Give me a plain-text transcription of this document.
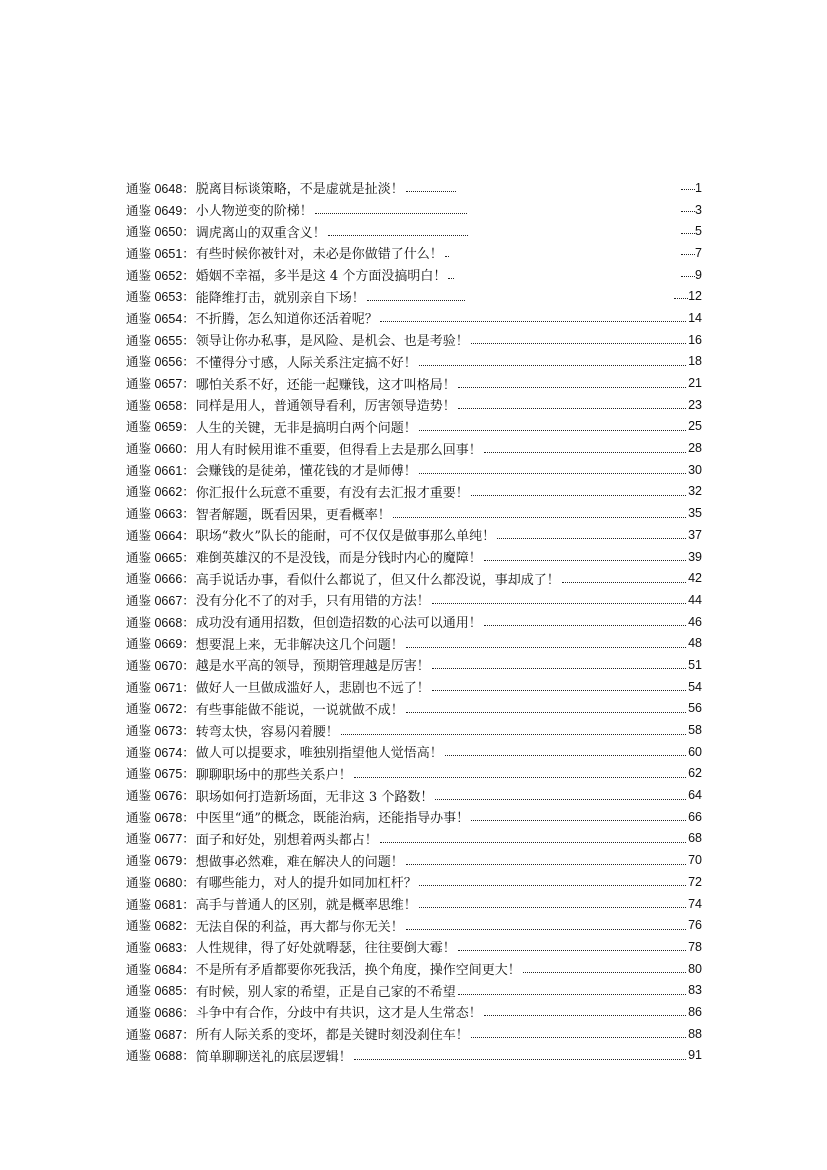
通鉴 0648： 脱离目标谈策略，不是虚就是扯淡！	1
通鉴 0649： 小人物逆变的阶梯！	3
通鉴 0650： 调虎离山的双重含义！	5
通鉴 0651： 有些时候你被针对，未必是你做错了什么！	7
通鉴 0652： 婚姻不幸福，多半是这 4 个方面没搞明白！	9
通鉴 0653： 能降维打击，就别亲自下场！	12
通鉴 0654： 不折腾，怎么知道你还活着呢？	14
通鉴 0655： 领导让你办私事，是风险、是机会、也是考验！	16
通鉴 0656： 不懂得分寸感，人际关系注定搞不好！	18
通鉴 0657： 哪怕关系不好，还能一起赚钱，这才叫格局！	21
通鉴 0658： 同样是用人，普通领导看利，厉害领导造势！	23
通鉴 0659： 人生的关键，无非是搞明白两个问题！	25
通鉴 0660： 用人有时候用谁不重要，但得看上去是那么回事！	28
通鉴 0661： 会赚钱的是徒弟，懂花钱的才是师傅！	30
通鉴 0662： 你汇报什么玩意不重要，有没有去汇报才重要！	32
通鉴 0663： 智者解题，既看因果，更看概率！	35
通鉴 0664： 职场“救火”队长的能耐，可不仅仅是做事那么单纯！	37
通鉴 0665： 难倒英雄汉的不是没钱，而是分钱时内心的魔障！	39
通鉴 0666： 高手说话办事，看似什么都说了，但又什么都没说，事却成了！	42
通鉴 0667： 没有分化不了的对手，只有用错的方法！	44
通鉴 0668： 成功没有通用招数，但创造招数的心法可以通用！	46
通鉴 0669： 想要混上来，无非解决这几个问题！	48
通鉴 0670： 越是水平高的领导，预期管理越是厉害！	51
通鉴 0671： 做好人一旦做成滥好人，悲剧也不远了！	54
通鉴 0672： 有些事能做不能说，一说就做不成！	56
通鉴 0673： 转弯太快，容易闪着腰！	58
通鉴 0674： 做人可以提要求，唯独别指望他人觉悟高！	60
通鉴 0675： 聊聊职场中的那些关系户！	62
通鉴 0676： 职场如何打造新场面，无非这 3 个路数！	64
通鉴 0678： 中医里“通”的概念，既能治病，还能指导办事！	66
通鉴 0677： 面子和好处，别想着两头都占！	68
通鉴 0679： 想做事必然难，难在解决人的问题！	70
通鉴 0680： 有哪些能力，对人的提升如同加杠杆？	72
通鉴 0681： 高手与普通人的区别，就是概率思维！	74
通鉴 0682： 无法自保的利益，再大都与你无关！	76
通鉴 0683： 人性规律，得了好处就嘚瑟，往往要倒大霉！	78
通鉴 0684： 不是所有矛盾都要你死我活，换个角度，操作空间更大！	80
通鉴 0685： 有时候，别人家的希望，正是自己家的不希望	83
通鉴 0686： 斗争中有合作，分歧中有共识，这才是人生常态！	86
通鉴 0687： 所有人际关系的变坏，都是关键时刻没刹住车！	88
通鉴 0688： 简单聊聊送礼的底层逻辑！	91
